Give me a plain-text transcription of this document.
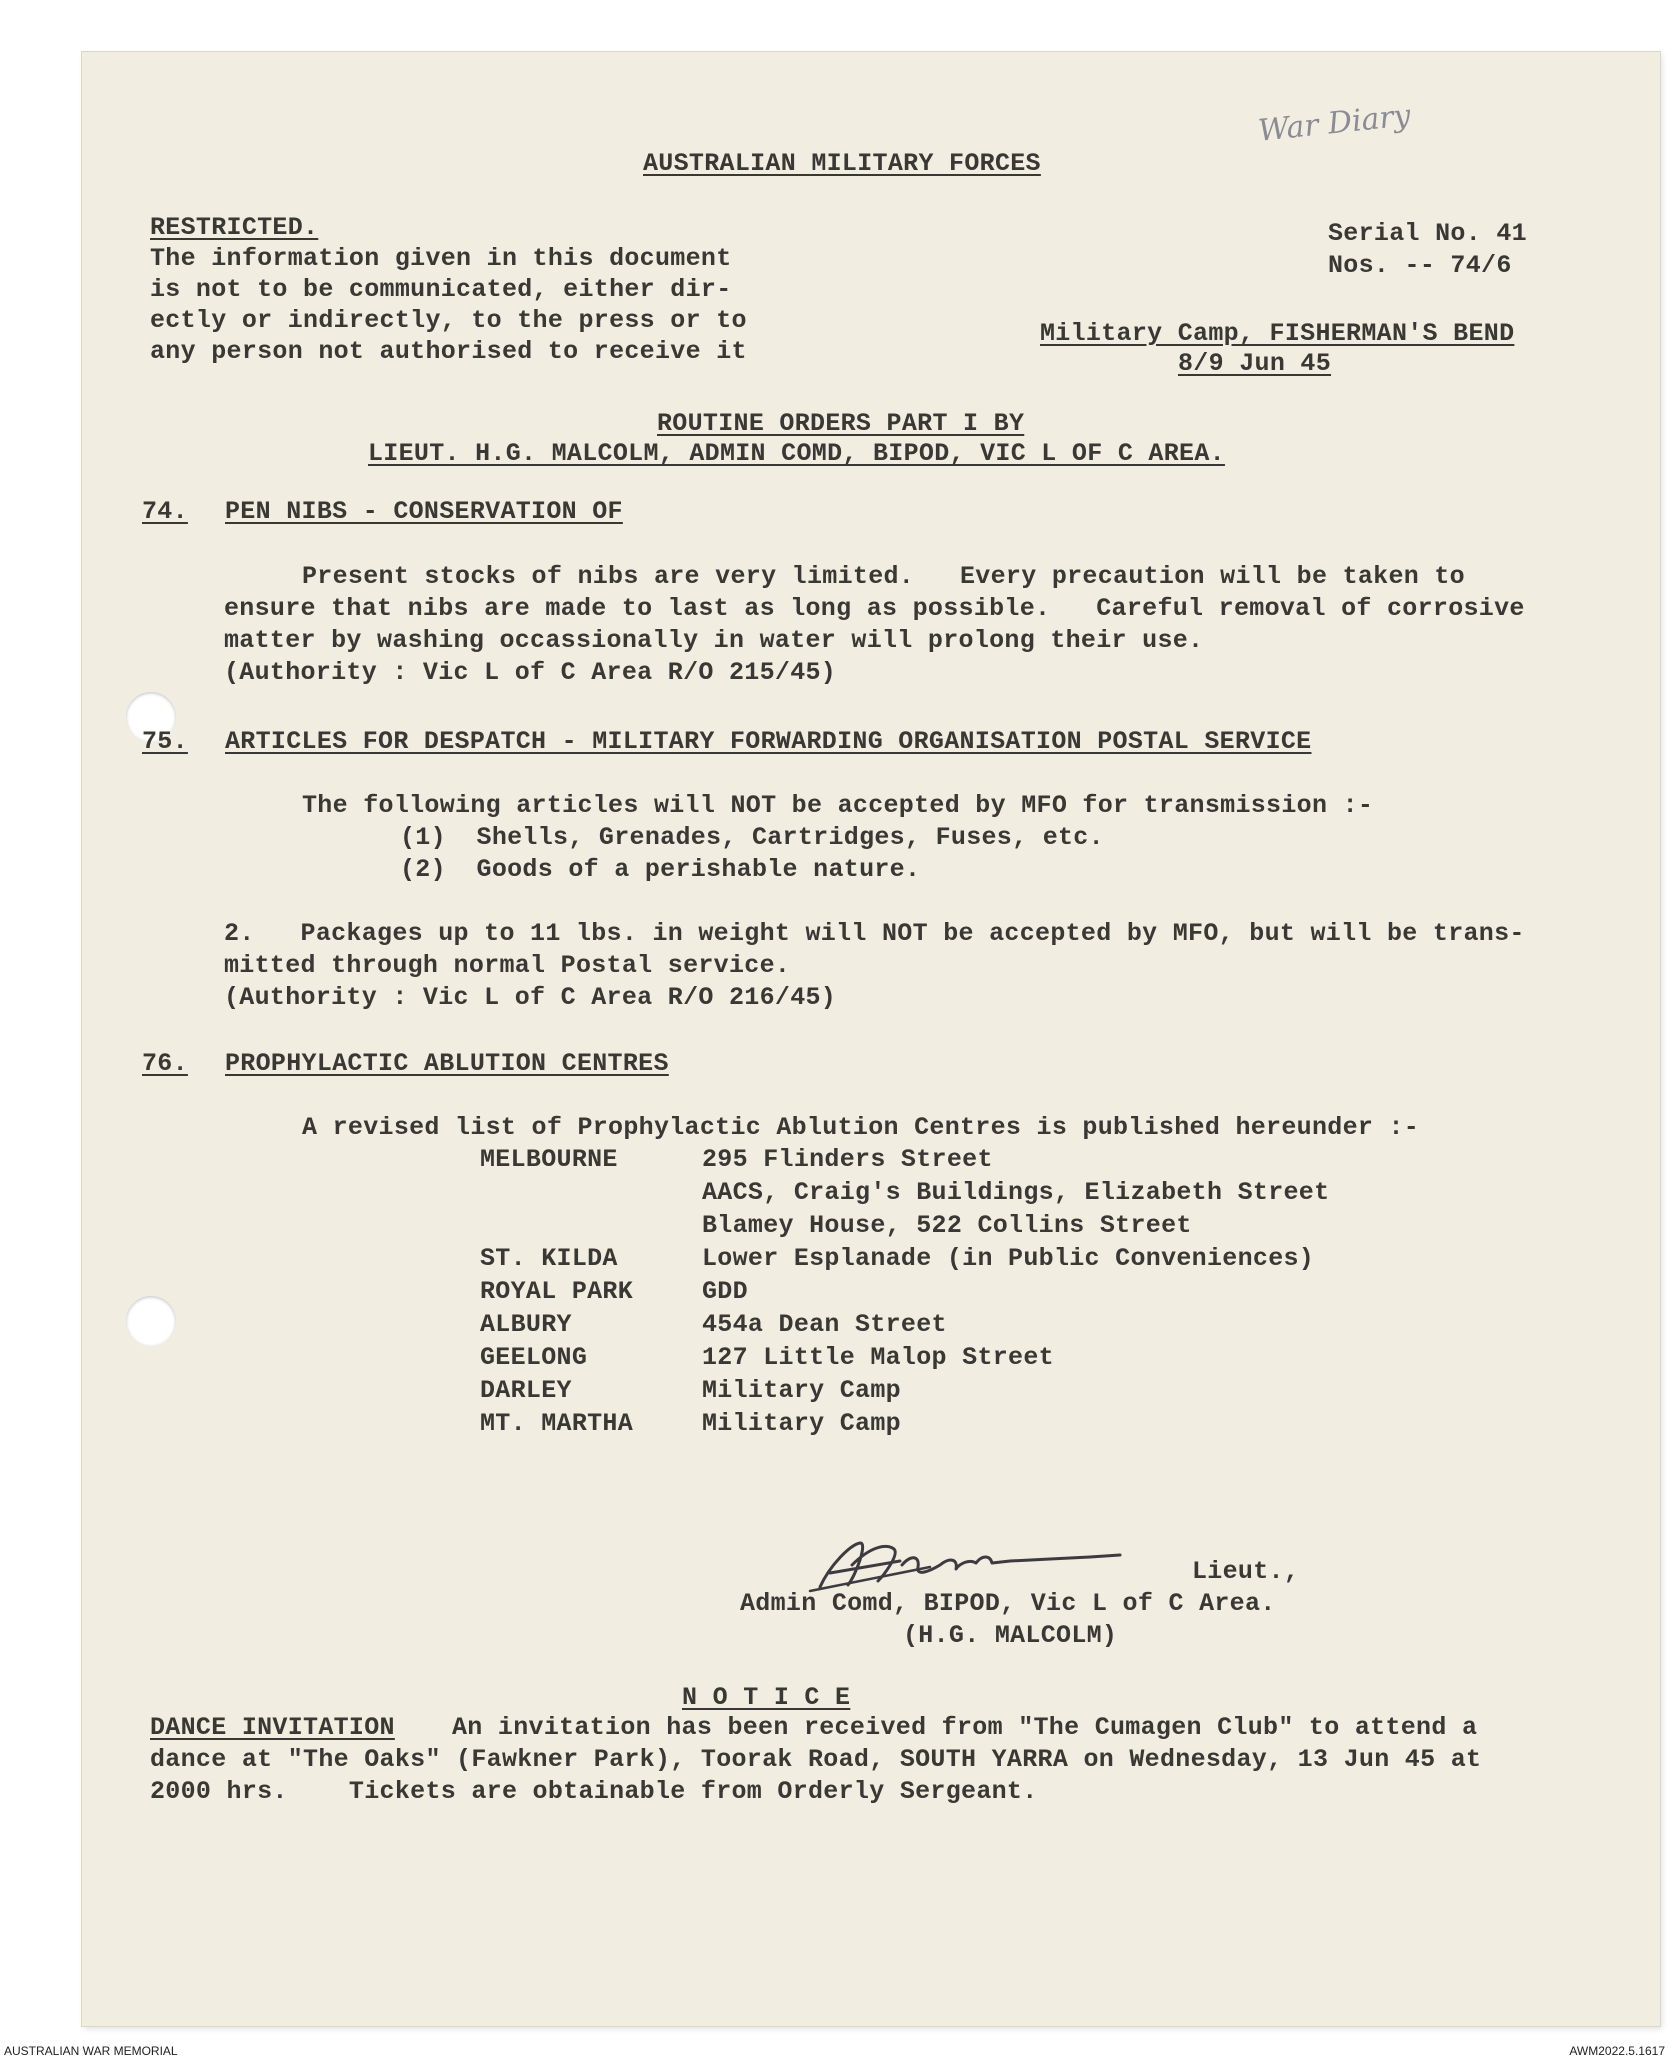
War Diary
AUSTRALIAN MILITARY FORCES
RESTRICTED.
The information given in this document
is not to be communicated, either dir-
ectly or indirectly, to the press or to
any person not authorised to receive it
Serial No. 41
Nos. -- 74/6
Military Camp, FISHERMAN'S BEND
8/9 Jun 45
ROUTINE ORDERS PART I BY
LIEUT. H.G. MALCOLM, ADMIN COMD, BIPOD, VIC L OF C AREA.
74. PEN NIBS - CONSERVATION OF
Present stocks of nibs are very limited.   Every precaution will be taken to
ensure that nibs are made to last as long as possible.   Careful removal of corrosive
matter by washing occassionally in water will prolong their use.
(Authority : Vic L of C Area R/O 215/45)
75. ARTICLES FOR DESPATCH - MILITARY FORWARDING ORGANISATION POSTAL SERVICE
The following articles will NOT be accepted by MFO for transmission :-
(1)  Shells, Grenades, Cartridges, Fuses, etc.
(2)  Goods of a perishable nature.
2.   Packages up to 11 lbs. in weight will NOT be accepted by MFO, but will be trans-
mitted through normal Postal service.
(Authority : Vic L of C Area R/O 216/45)
76. PROPHYLACTIC ABLUTION CENTRES
A revised list of Prophylactic Ablution Centres is published hereunder :-
MELBOURNE	295 Flinders Street
AACS, Craig's Buildings, Elizabeth Street
Blamey House, 522 Collins Street
ST. KILDA	Lower Esplanade (in Public Conveniences)
ROYAL PARK	GDD
ALBURY	454a Dean Street
GEELONG	127 Little Malop Street
DARLEY	Military Camp
MT. MARTHA	Military Camp
Lieut.,
Admin Comd, BIPOD, Vic L of C Area.
(H.G. MALCOLM)
N O T I C E
DANCE INVITATION An invitation has been received from "The Cumagen Club" to attend a
dance at "The Oaks" (Fawkner Park), Toorak Road, SOUTH YARRA on Wednesday, 13 Jun 45 at
2000 hrs.    Tickets are obtainable from Orderly Sergeant.
AUSTRALIAN WAR MEMORIAL	AWM2022.5.1617
